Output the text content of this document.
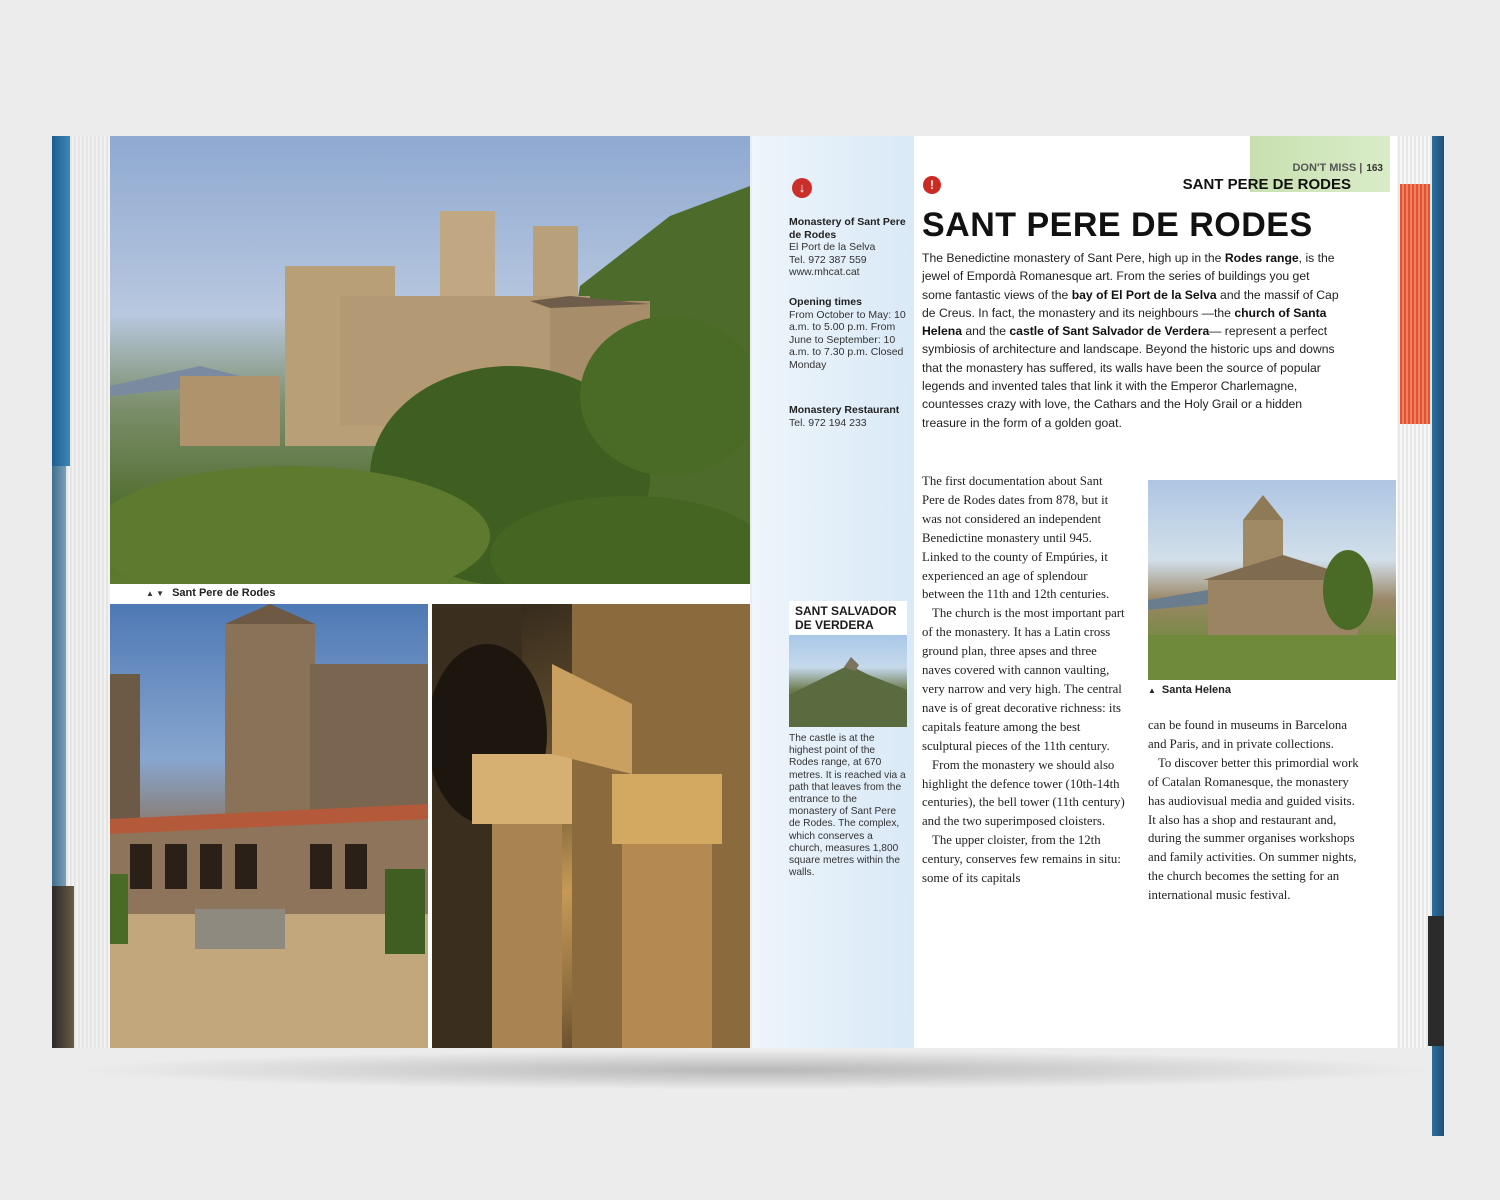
▲ ▼ Sant Pere de Rodes
↓
Monastery of Sant Pere de Rodes
El Port de la Selva
Tel. 972 387 559
www.mhcat.cat
Opening times
From October to May: 10 a.m. to 5.00 p.m. From June to September: 10 a.m. to 7.30 p.m. Closed Monday
Monastery Restaurant
Tel. 972 194 233
SANT SALVADOR DE VERDERA
The castle is at the highest point of the Rodes range, at 670 metres. It is reached via a path that leaves from the entrance to the monastery of Sant Pere de Rodes. The complex, which conserves a church, measures 1,800 square metres within the walls.
DON'T MISS | 163
SANT PERE DE RODES
!
SANT PERE DE RODES
The Benedictine monastery of Sant Pere, high up in the Rodes range, is the jewel of Empordà Romanesque art. From the series of buildings you get some fantastic views of the bay of El Port de la Selva and the massif of Cap de Creus. In fact, the monastery and its neighbours —the church of Santa Helena and the castle of Sant Salvador de Verdera— represent a perfect symbiosis of architecture and landscape. Beyond the historic ups and downs that the monastery has suffered, its walls have been the source of popular legends and invented tales that link it with the Emperor Charlemagne, countesses crazy with love, the Cathars and the Holy Grail or a hidden treasure in the form of a golden goat.

The first documentation about Sant Pere de Rodes dates from 878, but it was not considered an independent Benedictine monastery until 945. Linked to the county of Empúries, it experienced an age of splendour between the 11th and 12th centuries.

The church is the most important part of the monastery. It has a Latin cross ground plan, three apses and three naves covered with cannon vaulting, very narrow and very high. The central nave is of great decorative richness: its capitals feature among the best sculptural pieces of the 11th century.

From the monastery we should also highlight the defence tower (10th-14th centuries), the bell tower (11th century) and the two superimposed cloisters.

The upper cloister, from the 12th century, conserves few remains in situ: some of its capitals

▲ Santa Helena

can be found in museums in Barcelona and Paris, and in private collections.

To discover better this primordial work of Catalan Romanesque, the monastery has audiovisual media and guided visits. It also has a shop and restaurant and, during the summer organises workshops and family activities. On summer nights, the church becomes the setting for an international music festival.
